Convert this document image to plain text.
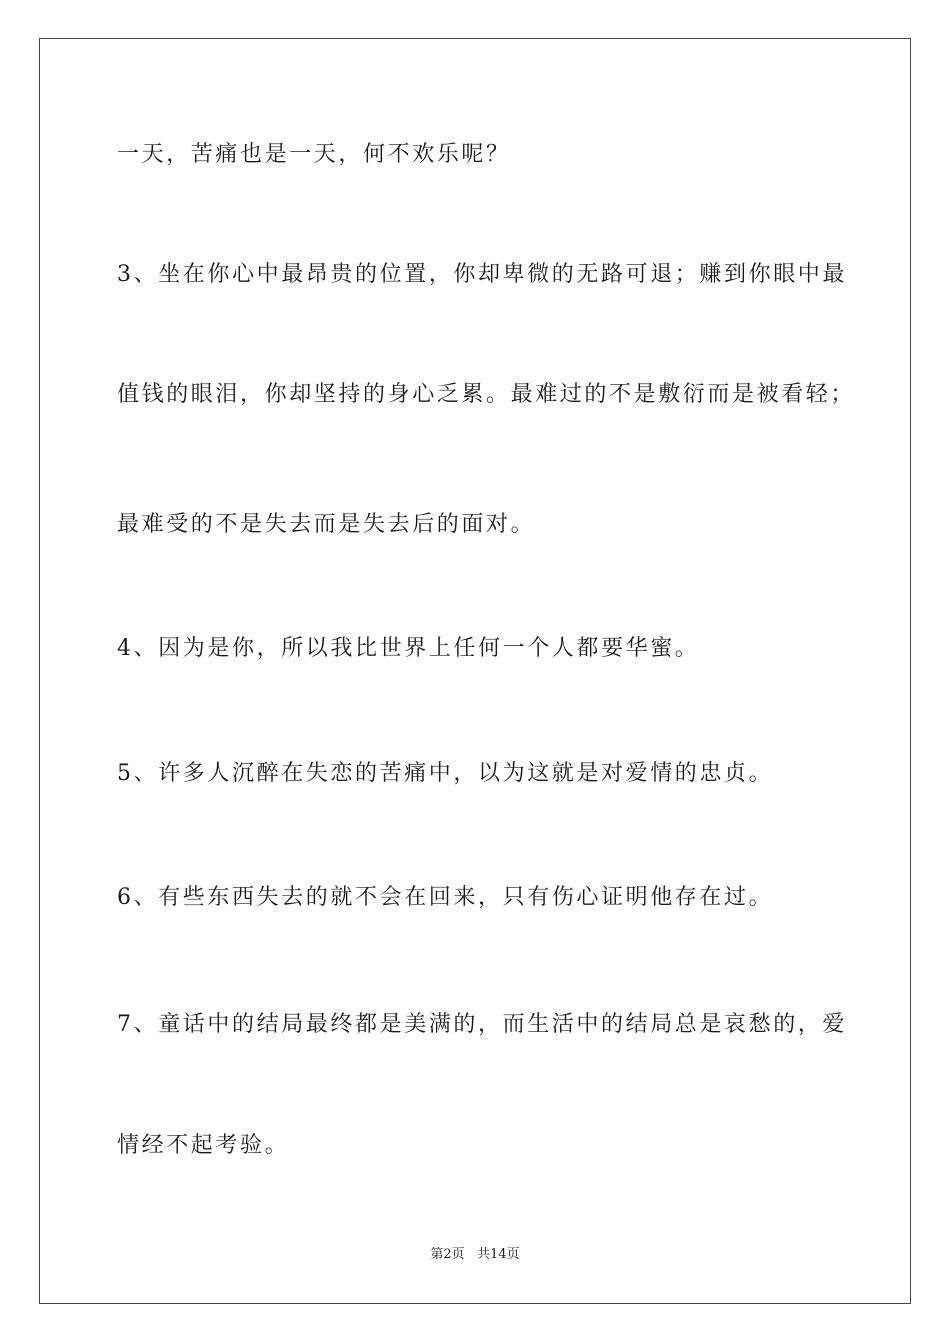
一天，苦痛也是一天，何不欢乐呢？
3、坐在你心中最昂贵的位置，你却卑微的无路可退；赚到你眼中最
值钱的眼泪，你却坚持的身心乏累。最难过的不是敷衍而是被看轻；
最难受的不是失去而是失去后的面对。
4、因为是你，所以我比世界上任何一个人都要华蜜。
5、许多人沉醉在失恋的苦痛中，以为这就是对爱情的忠贞。
6、有些东西失去的就不会在回来，只有伤心证明他存在过。
7、童话中的结局最终都是美满的，而生活中的结局总是哀愁的，爱
情经不起考验。
第2页   共14页
